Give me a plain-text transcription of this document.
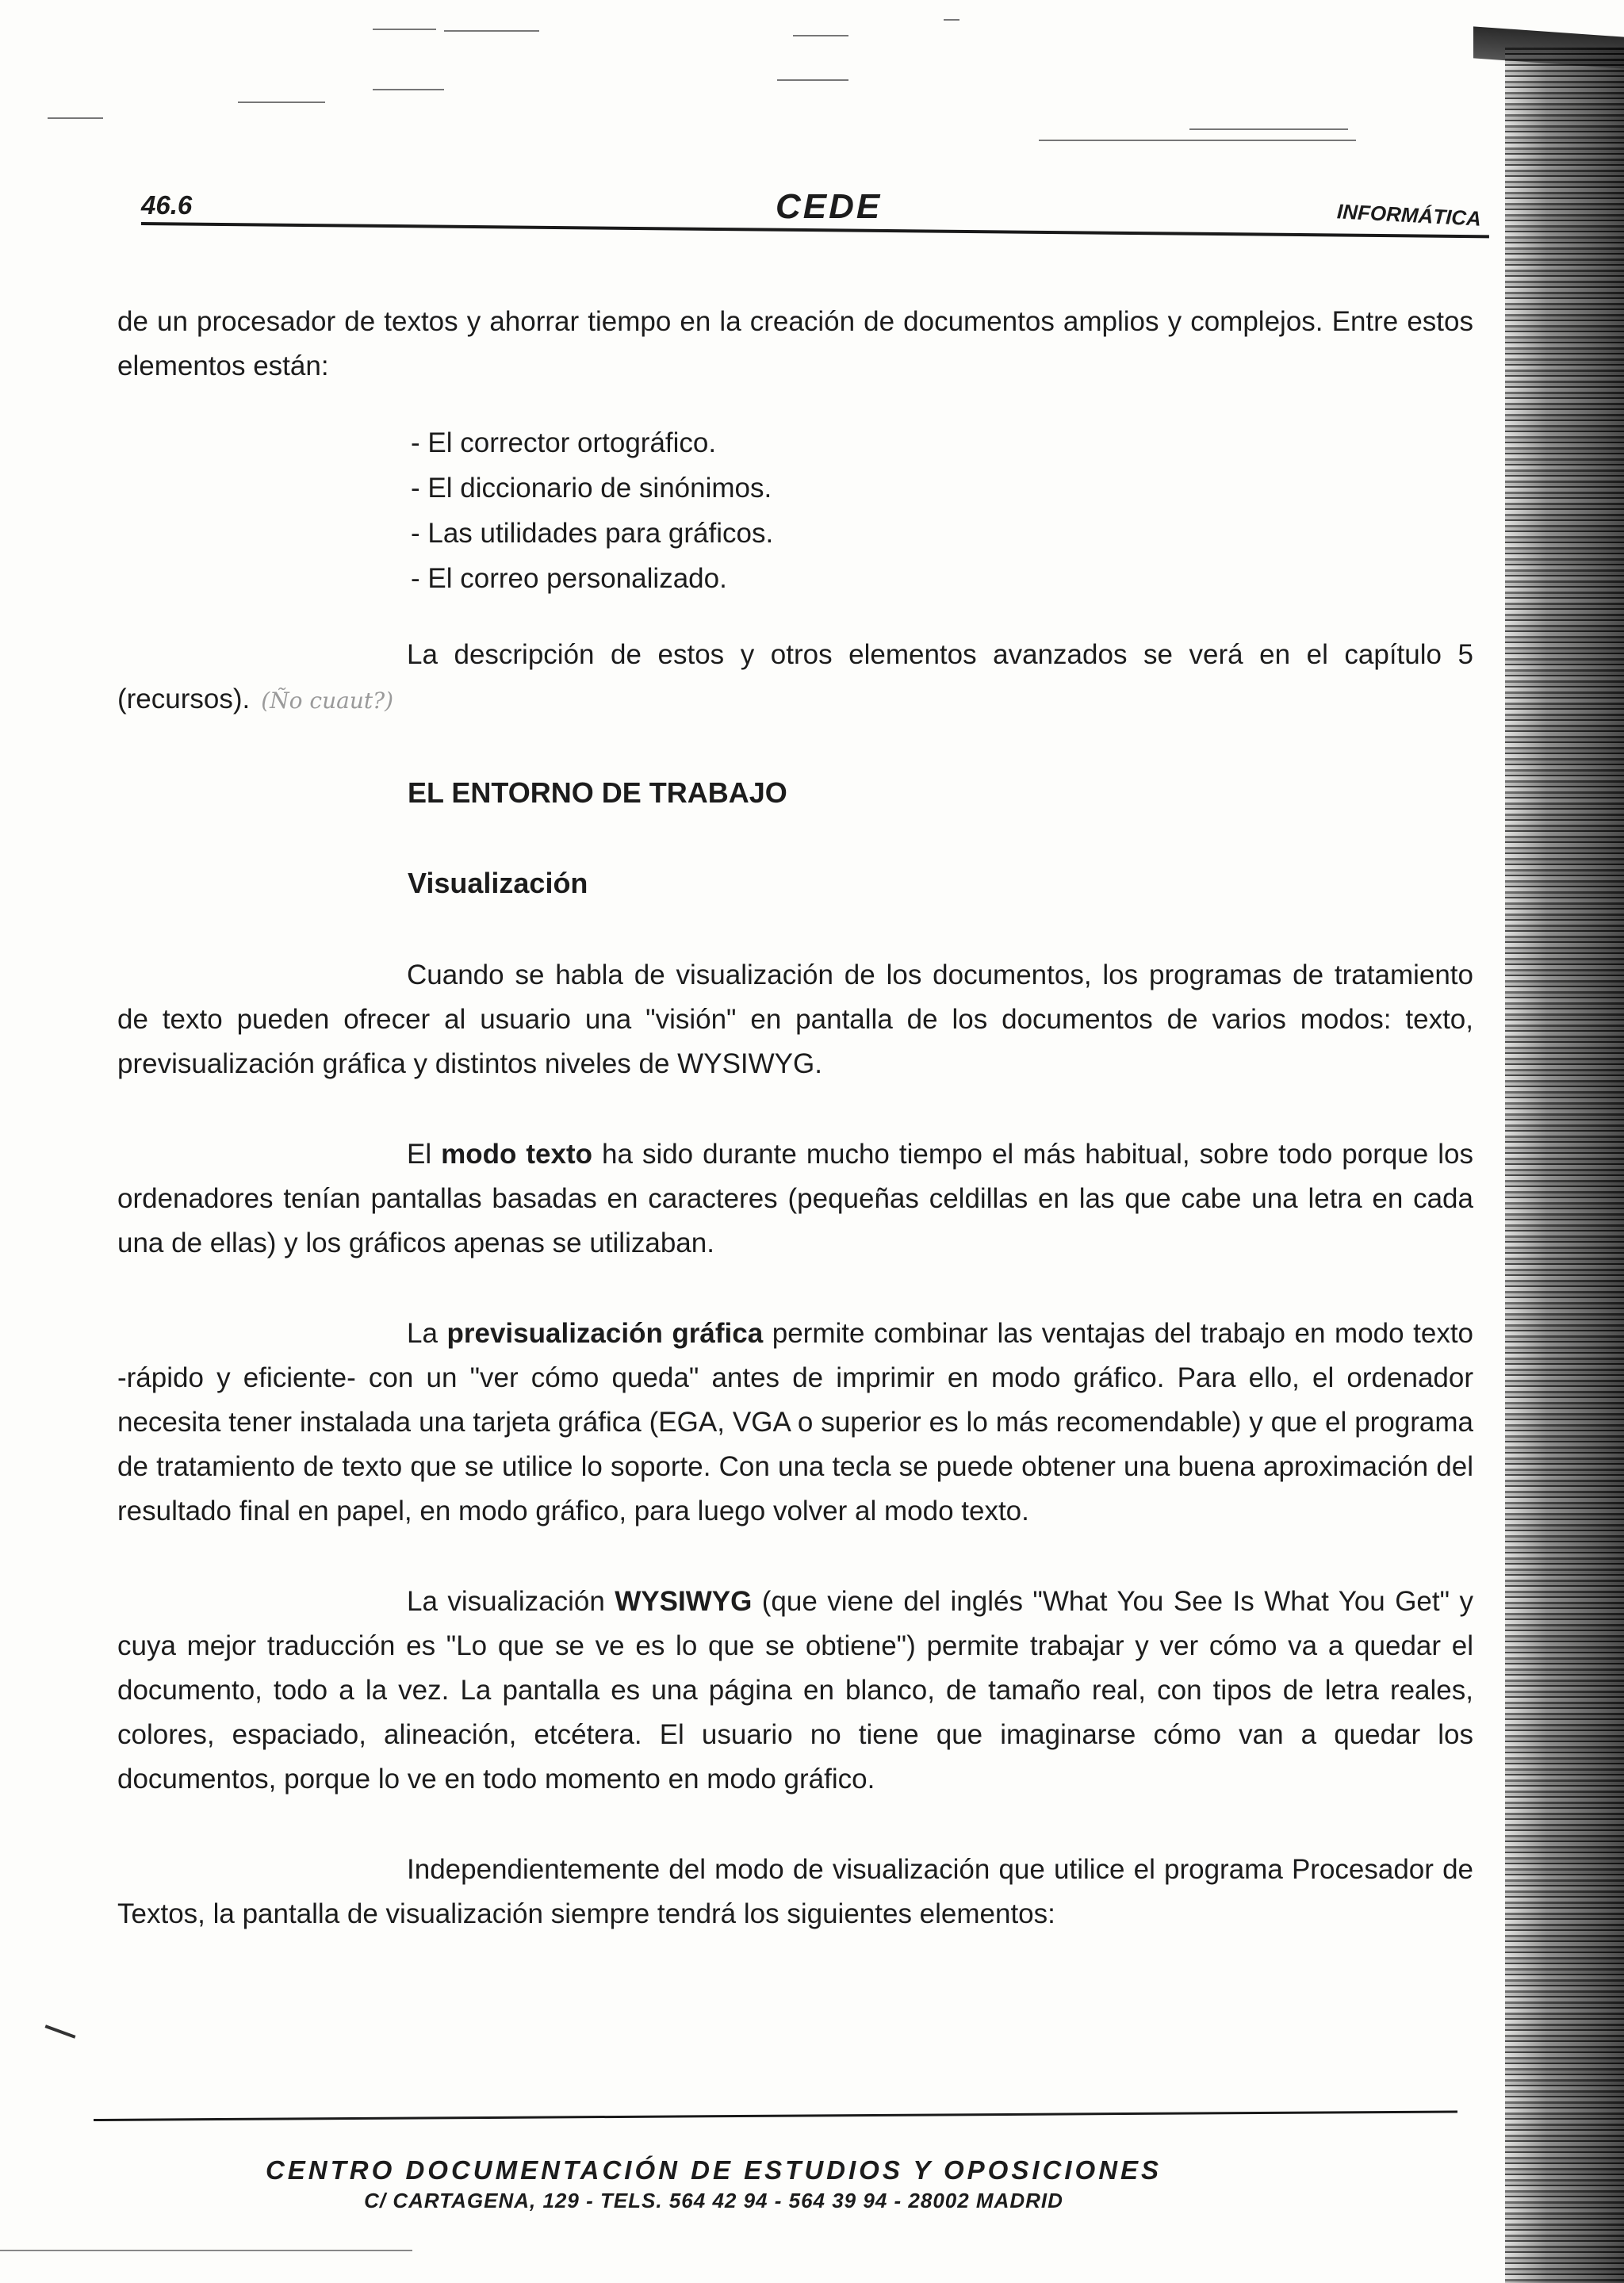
46.6	CEDE	INFORMÁTICA

de un procesador de textos y ahorrar tiempo en la creación de documentos amplios y complejos. Entre estos elementos están:

- El corrector ortográfico.
- El diccionario de sinónimos.
- Las utilidades para gráficos.
- El correo personalizado.

La descripción de estos y otros elementos avanzados se verá en el capítulo 5 (recursos). (Ño cuaut?)

EL ENTORNO DE TRABAJO

Visualización

Cuando se habla de visualización de los documentos, los programas de tratamiento de texto pueden ofrecer al usuario una "visión" en pantalla de los documentos de varios modos: texto, previsualización gráfica y distintos niveles de WYSIWYG.

El modo texto ha sido durante mucho tiempo el más habitual, sobre todo porque los ordenadores tenían pantallas basadas en caracteres (pequeñas celdillas en las que cabe una letra en cada una de ellas) y los gráficos apenas se utilizaban.

La previsualización gráfica permite combinar las ventajas del trabajo en modo texto -rápido y eficiente- con un "ver cómo queda" antes de imprimir en modo gráfico. Para ello, el ordenador necesita tener instalada una tarjeta gráfica (EGA, VGA o superior es lo más recomendable) y que el programa de tratamiento de texto que se utilice lo soporte. Con una tecla se puede obtener una buena aproximación del resultado final en papel, en modo gráfico, para luego volver al modo texto.

La visualización WYSIWYG (que viene del inglés "What You See Is What You Get" y cuya mejor traducción es "Lo que se ve es lo que se obtiene") permite trabajar y ver cómo va a quedar el documento, todo a la vez. La pantalla es una página en blanco, de tamaño real, con tipos de letra reales, colores, espaciado, alineación, etcétera. El usuario no tiene que imaginarse cómo van a quedar los documentos, porque lo ve en todo momento en modo gráfico.

Independientemente del modo de visualización que utilice el programa Procesador de Textos, la pantalla de visualización siempre tendrá los siguientes elementos:

CENTRO DOCUMENTACIÓN DE ESTUDIOS Y OPOSICIONES
C/ CARTAGENA, 129 - TELS. 564 42 94 - 564 39 94 - 28002 MADRID
